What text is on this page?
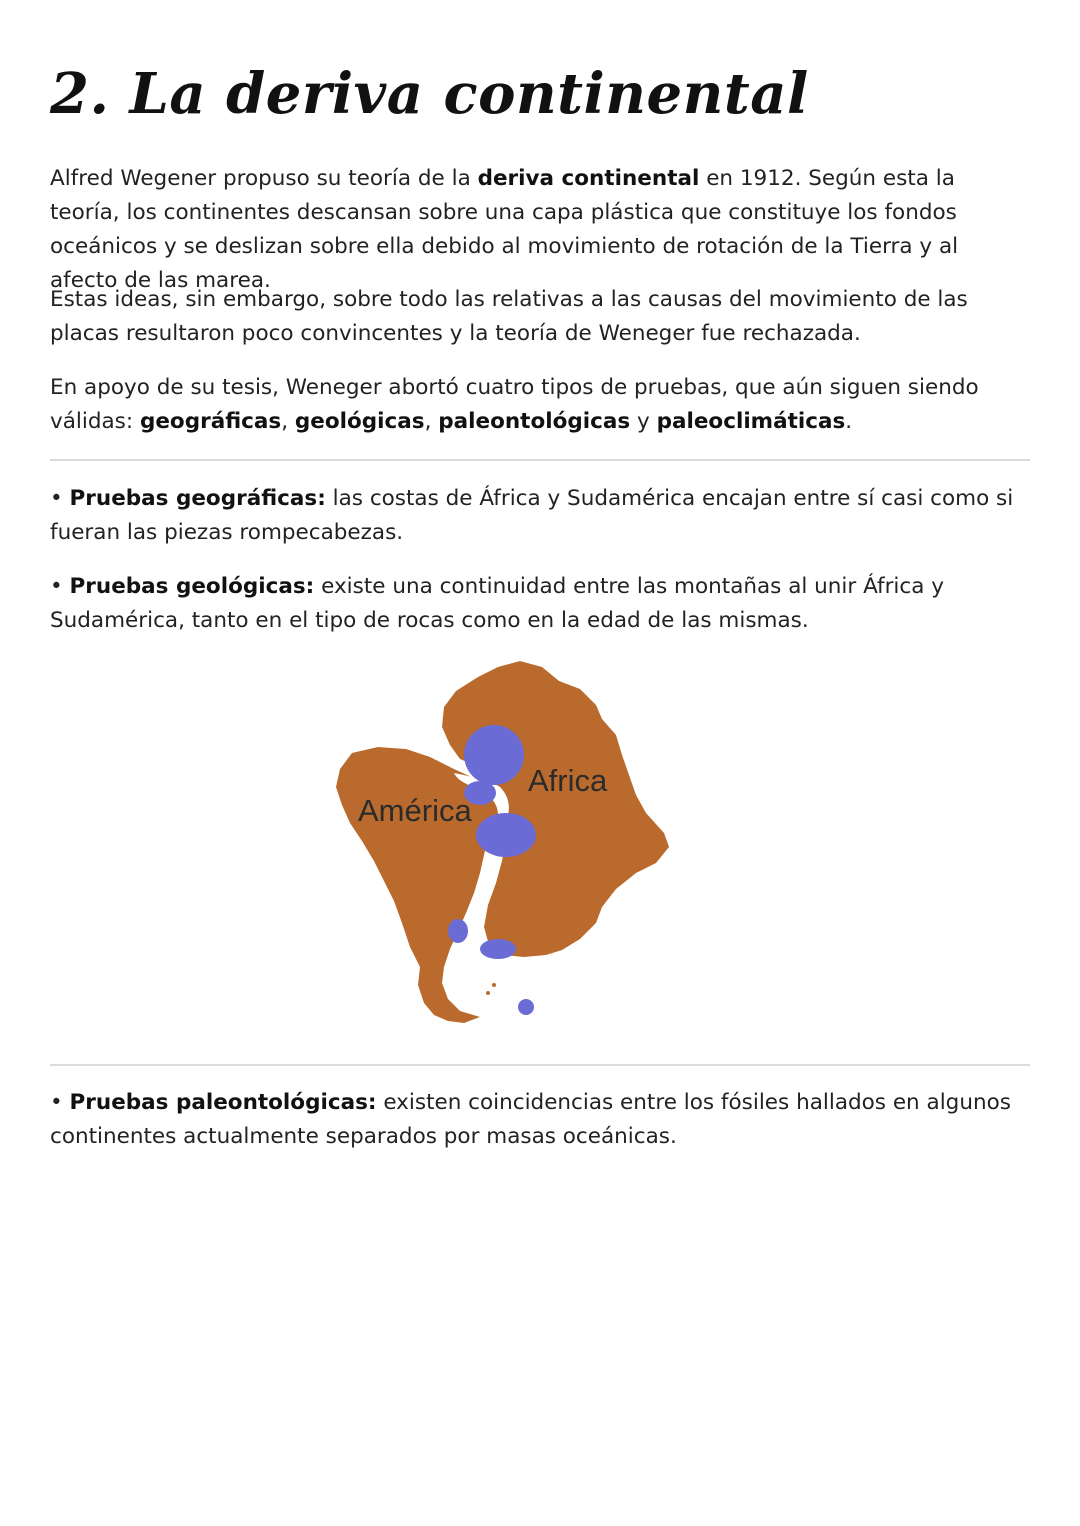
2. La deriva continental

Alfred Wegener propuso su teoría de la deriva continental en 1912. Según esta la teoría, los continentes descansan sobre una capa plástica que constituye los fondos oceánicos y se deslizan sobre ella debido al movimiento de rotación de la Tierra y al afecto de las marea.

Estas ideas, sin embargo, sobre todo las relativas a las causas del movimiento de las placas resultaron poco convincentes y la teoría de Weneger fue rechazada.

En apoyo de su tesis, Weneger abortó cuatro tipos de pruebas, que aún siguen siendo válidas: geográficas, geológicas, paleontológicas y paleoclimáticas.

• Pruebas geográficas: las costas de África y Sudamérica encajan entre sí casi como si fueran las piezas rompecabezas.

• Pruebas geológicas: existe una continuidad entre las montañas al unir África y Sudamérica, tanto en el tipo de rocas como en la edad de las mismas.

América
Africa

• Pruebas paleontológicas: existen coincidencias entre los fósiles hallados en algunos continentes actualmente separados por masas oceánicas.
